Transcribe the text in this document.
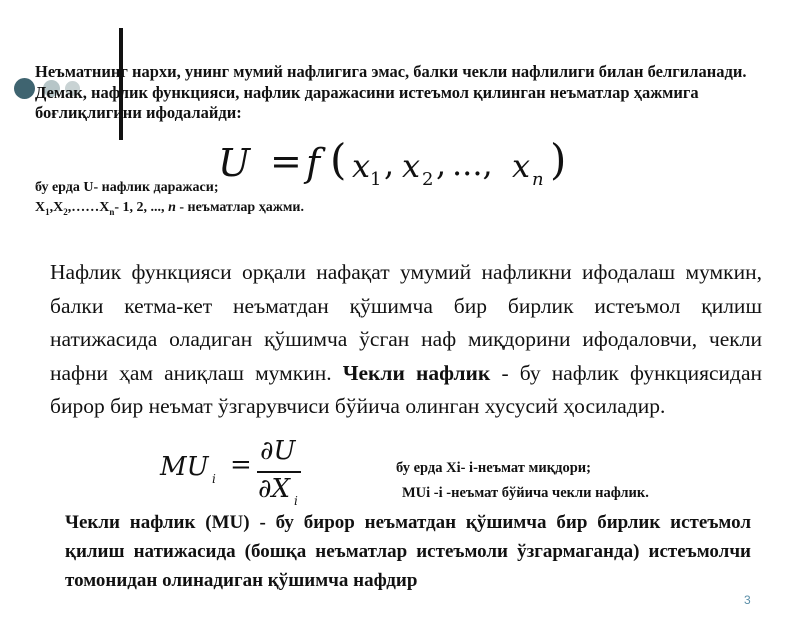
Неъматнинг нархи, унинг мумий нафлигига эмас, балки чекли нафлилиги билан белгиланади. Демак, нафлик функцияси, нафлик даражасини истеъмол қилинган неъматлар ҳажмига боғлиқлигини ифодалайди:
U = f ( x 1 , x 2 , ..., x n )
бу ерда U- нафлик даражаси;
$X_1,X_2,\dots\dots X_n-$ 1, 2, ..., n - неъматлар ҳажми.
Нафлик функцияси орқали нафақат умумий нафликни ифодалаш мумкин, балки кетма-кет неъматдан қўшимча бир бирлик истеъмол қилиш натижасида оладиган қўшимча ўсган наф миқдорини ифодаловчи, чекли нафни ҳам аниқлаш мумкин. Чекли нафлик - бу нафлик функциясидан бирор бир неъмат ўзгарувчиси бўйича олинган хусусий ҳосиладир.
MU i = ∂U
∂X i
бу ерда Xi- i-неъмат миқдори;
MUi -i -неъмат бўйича чекли нафлик.
Чекли нафлик (MU) - бу бирор неъматдан қўшимча бир бирлик истеъмол қилиш натижасида (бошқа неъматлар истеъмоли ўзгармаганда) истеъмолчи томонидан олинадиган қўшимча нафдир
3
